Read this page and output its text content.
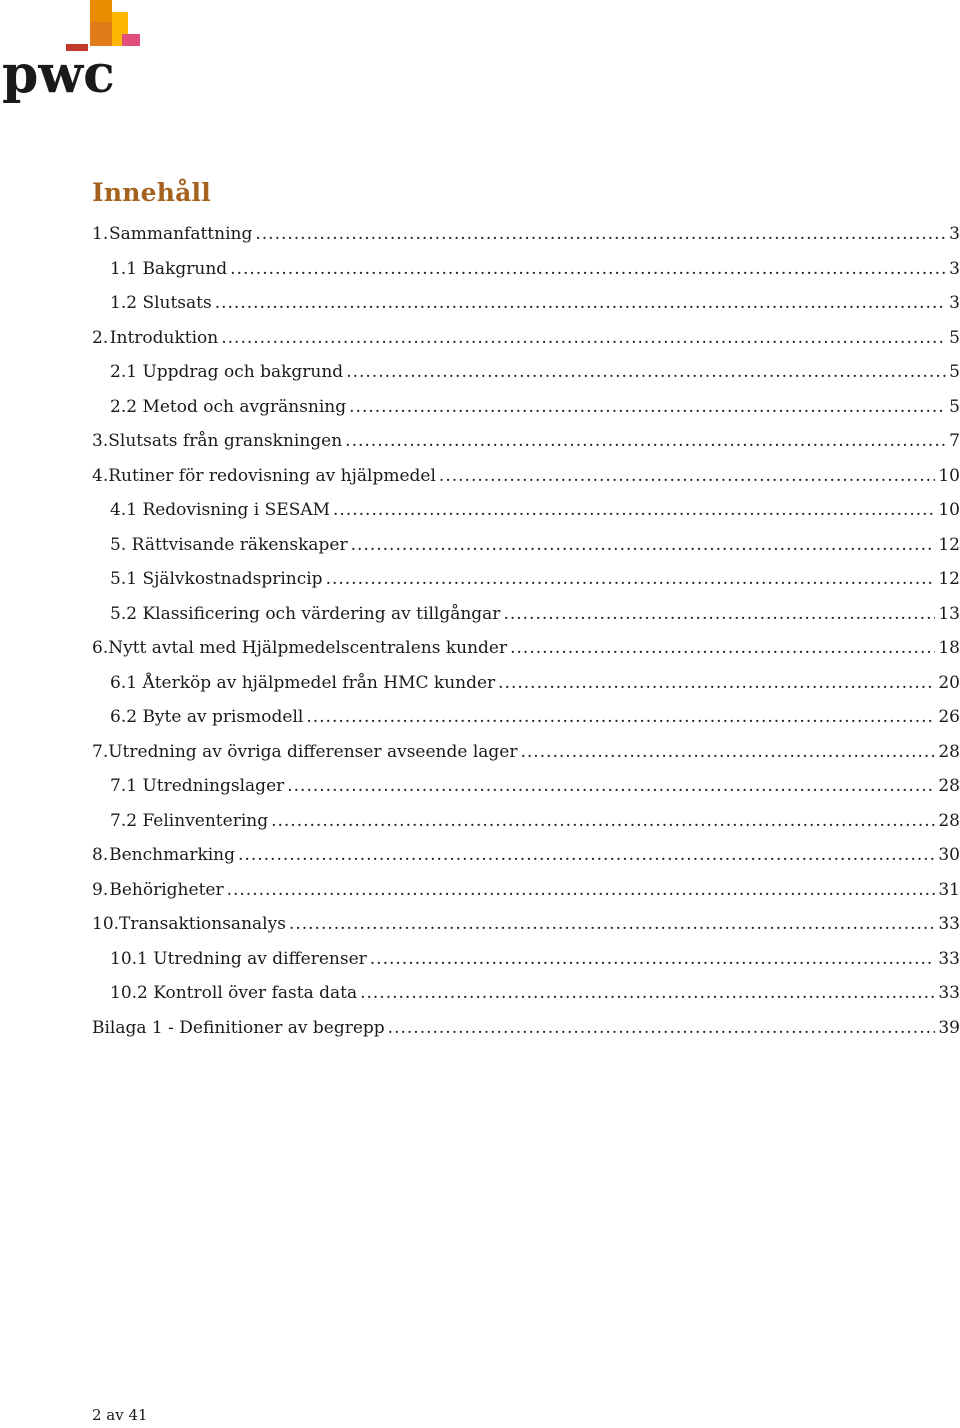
pwc
Innehåll
1. Sammanfattning .....	3
1.1 Bakgrund .....	3
1.2 Slutsats .....	3
2. Introduktion .....	5
2.1 Uppdrag och bakgrund .....	5
2.2 Metod och avgränsning .....	5
3. Slutsats från granskningen .....	7
4. Rutiner för redovisning av hjälpmedel .....	10
4.1 Redovisning i SESAM .....	10
5. Rättvisande räkenskaper .....	12
5.1 Självkostnadsprincip .....	12
5.2 Klassificering och värdering av tillgångar .....	13
6. Nytt avtal med Hjälpmedelscentralens kunder .....	18
6.1 Återköp av hjälpmedel från HMC kunder .....	20
6.2 Byte av prismodell .....	26
7. Utredning av övriga differenser avseende lager .....	28
7.1 Utredningslager .....	28
7.2 Felinventering .....	28
8. Benchmarking .....	30
9. Behörigheter .....	31
10. Transaktionsanalys .....	33
10.1 Utredning av differenser .....	33
10.2 Kontroll över fasta data .....	33
Bilaga 1 - Definitioner av begrepp .....	39
2 av 41
